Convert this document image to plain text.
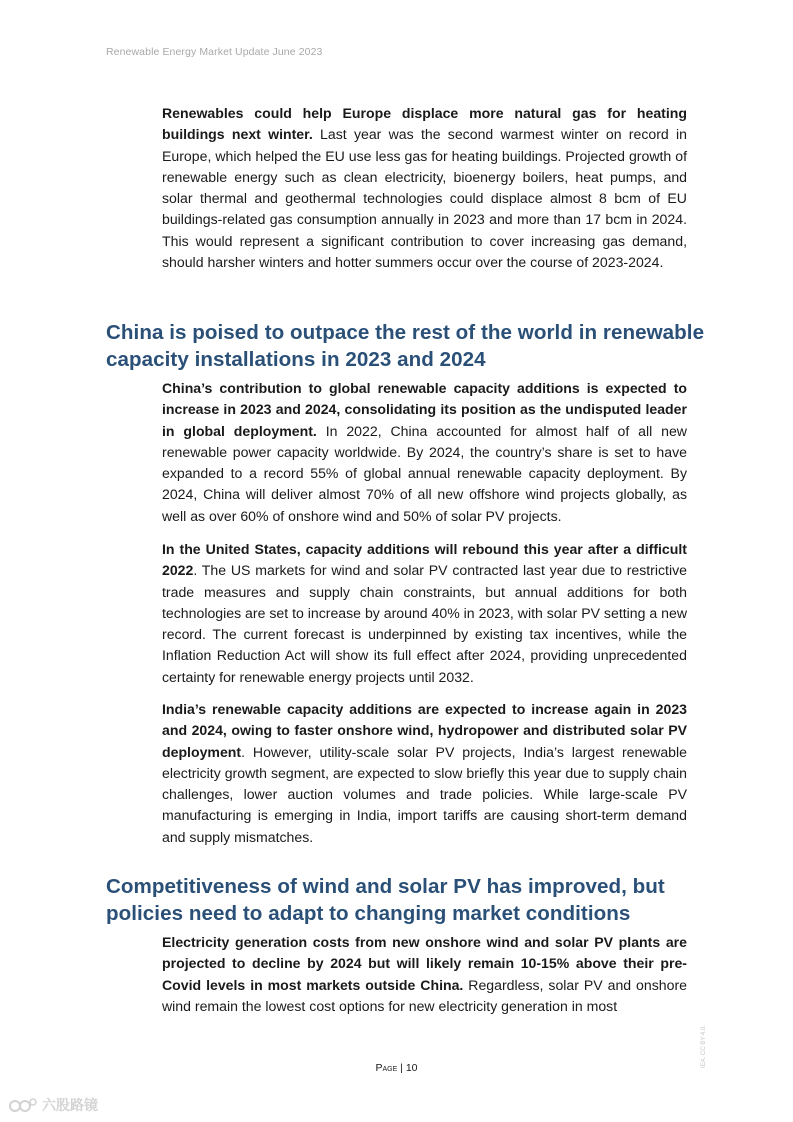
Renewable Energy Market Update June 2023

Renewables could help Europe displace more natural gas for heating buildings next winter. Last year was the second warmest winter on record in Europe, which helped the EU use less gas for heating buildings. Projected growth of renewable energy such as clean electricity, bioenergy boilers, heat pumps, and solar thermal and geothermal technologies could displace almost 8 bcm of EU buildings-related gas consumption annually in 2023 and more than 17 bcm in 2024. This would represent a significant contribution to cover increasing gas demand, should harsher winters and hotter summers occur over the course of 2023-2024.

China is poised to outpace the rest of the world in renewable capacity installations in 2023 and 2024

China’s contribution to global renewable capacity additions is expected to increase in 2023 and 2024, consolidating its position as the undisputed leader in global deployment. In 2022, China accounted for almost half of all new renewable power capacity worldwide. By 2024, the country’s share is set to have expanded to a record 55% of global annual renewable capacity deployment. By 2024, China will deliver almost 70% of all new offshore wind projects globally, as well as over 60% of onshore wind and 50% of solar PV projects.

In the United States, capacity additions will rebound this year after a difficult 2022. The US markets for wind and solar PV contracted last year due to restrictive trade measures and supply chain constraints, but annual additions for both technologies are set to increase by around 40% in 2023, with solar PV setting a new record. The current forecast is underpinned by existing tax incentives, while the Inflation Reduction Act will show its full effect after 2024, providing unprecedented certainty for renewable energy projects until 2032.

India’s renewable capacity additions are expected to increase again in 2023 and 2024, owing to faster onshore wind, hydropower and distributed solar PV deployment. However, utility-scale solar PV projects, India’s largest renewable electricity growth segment, are expected to slow briefly this year due to supply chain challenges, lower auction volumes and trade policies. While large-scale PV manufacturing is emerging in India, import tariffs are causing short-term demand and supply mismatches.

Competitiveness of wind and solar PV has improved, but policies need to adapt to changing market conditions

Electricity generation costs from new onshore wind and solar PV plants are projected to decline by 2024 but will likely remain 10-15% above their pre-Covid levels in most markets outside China. Regardless, solar PV and onshore wind remain the lowest cost options for new electricity generation in most

Page | 10	IEA. CC BY 4.0.
六股路镜
